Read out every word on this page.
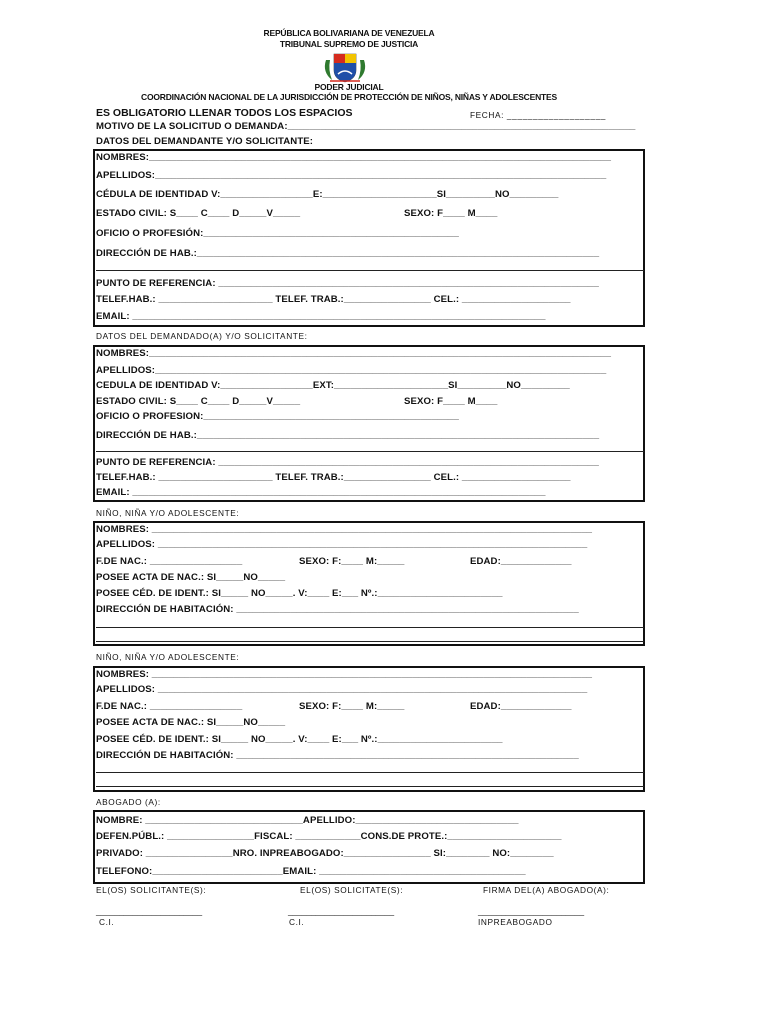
REPÚBLICA BOLIVARIANA DE VENEZUELA
TRIBUNAL SUPREMO DE JUSTICIA
PODER JUDICIAL
COORDINACIÓN NACIONAL DE LA JURISDICCIÓN DE PROTECCIÓN DE NIÑOS, NIÑAS Y ADOLESCENTES
ES OBLIGATORIO LLENAR TODOS LOS ESPACIOS	FECHA: ___________________
MOTIVO DE LA SOLICITUD O DEMANDA:________________________________________________________________
DATOS DEL DEMANDANTE Y/O SOLICITANTE:
NOMBRES:_____________________________________________________________________________________
APELLIDOS:___________________________________________________________________________________
CÉDULA DE IDENTIDAD V:_________________E:_____________________SI_________NO_________
ESTADO CIVIL: S____ C____ D_____V_____	SEXO: F____ M____
OFICIO O PROFESIÓN:_______________________________________________
DIRECCIÓN DE HAB.:__________________________________________________________________________
PUNTO DE REFERENCIA: ______________________________________________________________________
TELEF.HAB.: _____________________ TELEF. TRAB.:________________ CEL.: ____________________
EMAIL: ____________________________________________________________________________
DATOS DEL DEMANDADO(A) Y/O SOLICITANTE:
NOMBRES:_____________________________________________________________________________________
APELLIDOS:___________________________________________________________________________________
CEDULA DE IDENTIDAD V:_________________EXT:_____________________SI_________NO_________
ESTADO CIVIL: S____ C____ D_____V_____	SEXO: F____ M____
OFICIO O PROFESION:_______________________________________________
DIRECCIÓN DE HAB.:__________________________________________________________________________
PUNTO DE REFERENCIA: ______________________________________________________________________
TELEF.HAB.: _____________________ TELEF. TRAB.:________________ CEL.: ____________________
EMAIL: ____________________________________________________________________________
NIÑO, NIÑA Y/O ADOLESCENTE:
NOMBRES: _________________________________________________________________________________
APELLIDOS: _______________________________________________________________________________
F.DE NAC.: _________________	SEXO: F:____ M:_____	EDAD:_____________
POSEE ACTA DE NAC.: SI_____NO_____
POSEE CÉD. DE IDENT.: SI_____ NO_____. V:____ E:___ Nº.:_______________________
DIRECCIÓN DE HABITACIÓN: _______________________________________________________________
NIÑO, NIÑA Y/O ADOLESCENTE:
NOMBRES: _________________________________________________________________________________
APELLIDOS: _______________________________________________________________________________
F.DE NAC.: _________________	SEXO: F:____ M:_____	EDAD:_____________
POSEE ACTA DE NAC.: SI_____NO_____
POSEE CÉD. DE IDENT.: SI_____ NO_____. V:____ E:___ Nº.:_______________________
DIRECCIÓN DE HABITACIÓN: _______________________________________________________________
ABOGADO (A):
NOMBRE: _____________________________APELLIDO:______________________________
DEFEN.PÚBL.: ________________FISCAL: ____________CONS.DE PROTE.:_____________________
PRIVADO: ________________NRO. INPREABOGADO:________________ SI:________ NO:________
TELEFONO:________________________EMAIL: ______________________________________
EL(OS) SOLICITANTE(S):	EL(OS) SOLICITATE(S):	FIRMA DEL(A) ABOGADO(A):
_______________________	_______________________	_______________________
C.I.	C.I.	INPREABOGADO
